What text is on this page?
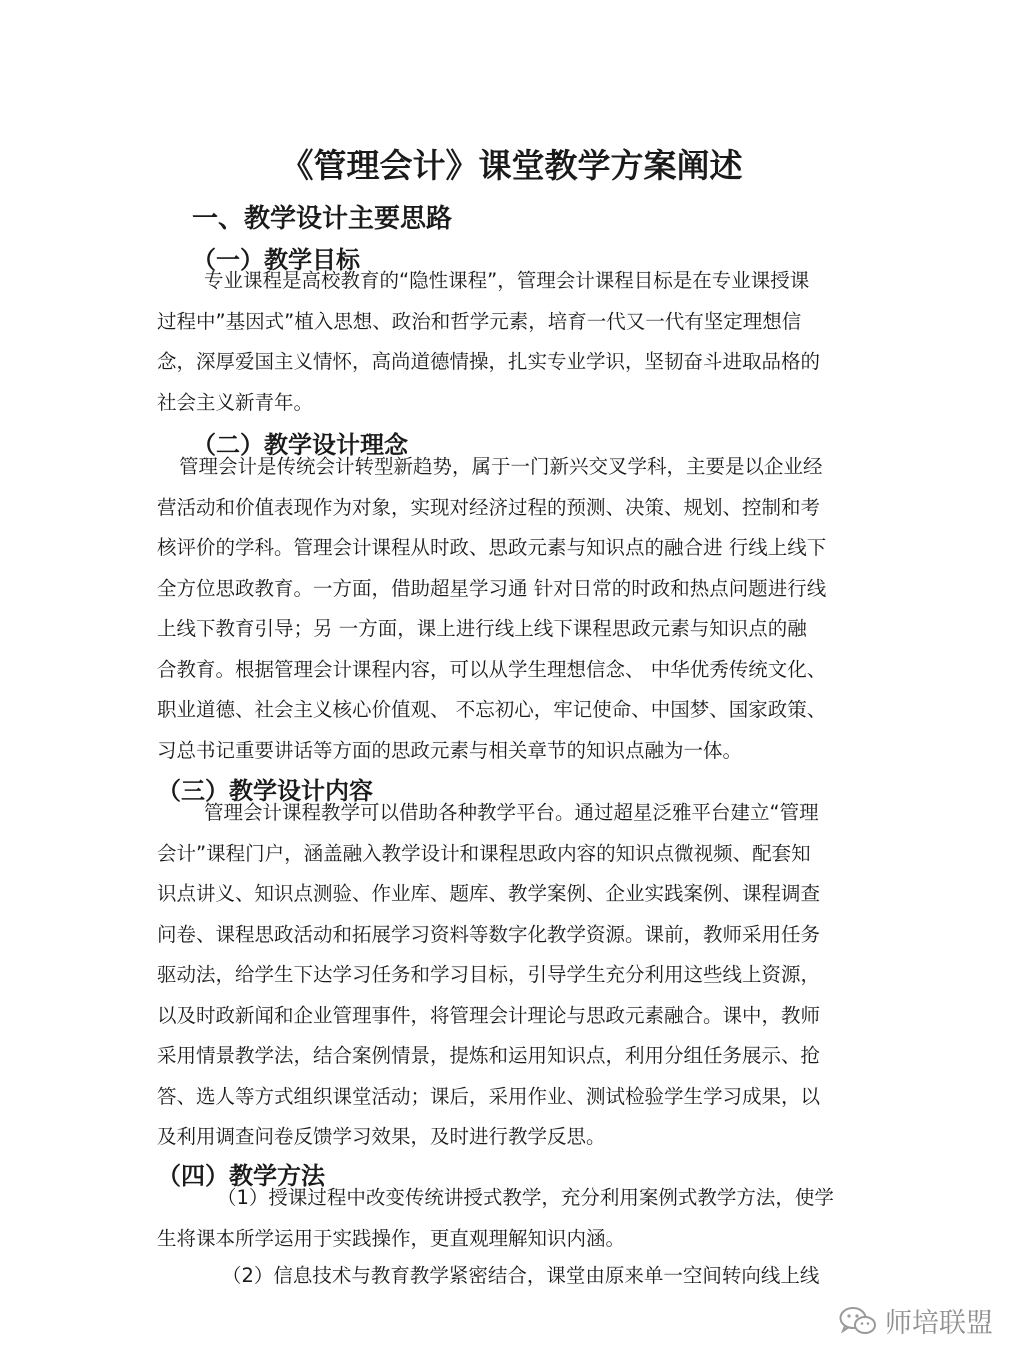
《管理会计》课堂教学方案阐述
一、教学设计主要思路
（一）教学目标
专业课程是高校教育的“隐性课程”，管理会计课程目标是在专业课授课
过程中”基因式”植入思想、政治和哲学元素，培育一代又一代有坚定理想信
念，深厚爱国主义情怀，高尚道德情操，扎实专业学识，坚韧奋斗进取品格的
社会主义新青年。
（二）教学设计理念
管理会计是传统会计转型新趋势，属于一门新兴交叉学科，主要是以企业经
营活动和价值表现作为对象，实现对经济过程的预测、决策、规划、控制和考
核评价的学科。管理会计课程从时政、思政元素与知识点的融合进 行线上线下
全方位思政教育。一方面，借助超星学习通 针对日常的时政和热点问题进行线
上线下教育引导；另 一方面，课上进行线上线下课程思政元素与知识点的融
合教育。根据管理会计课程内容，可以从学生理想信念、 中华优秀传统文化、
职业道德、社会主义核心价值观、 不忘初心，牢记使命、中国梦、国家政策、
习总书记重要讲话等方面的思政元素与相关章节的知识点融为一体。
（三）教学设计内容
管理会计课程教学可以借助各种教学平台。通过超星泛雅平台建立“管理
会计”课程门户，涵盖融入教学设计和课程思政内容的知识点微视频、配套知
识点讲义、知识点测验、作业库、题库、教学案例、企业实践案例、课程调查
问卷、课程思政活动和拓展学习资料等数字化教学资源。课前，教师采用任务
驱动法，给学生下达学习任务和学习目标，引导学生充分利用这些线上资源，
以及时政新闻和企业管理事件，将管理会计理论与思政元素融合。课中，教师
采用情景教学法，结合案例情景，提炼和运用知识点，利用分组任务展示、抢
答、选人等方式组织课堂活动；课后，采用作业、测试检验学生学习成果，以
及利用调查问卷反馈学习效果，及时进行教学反思。
（四）教学方法
（1）授课过程中改变传统讲授式教学，充分利用案例式教学方法，使学
生将课本所学运用于实践操作，更直观理解知识内涵。
（2）信息技术与教育教学紧密结合，课堂由原来单一空间转向线上线
师培联盟
